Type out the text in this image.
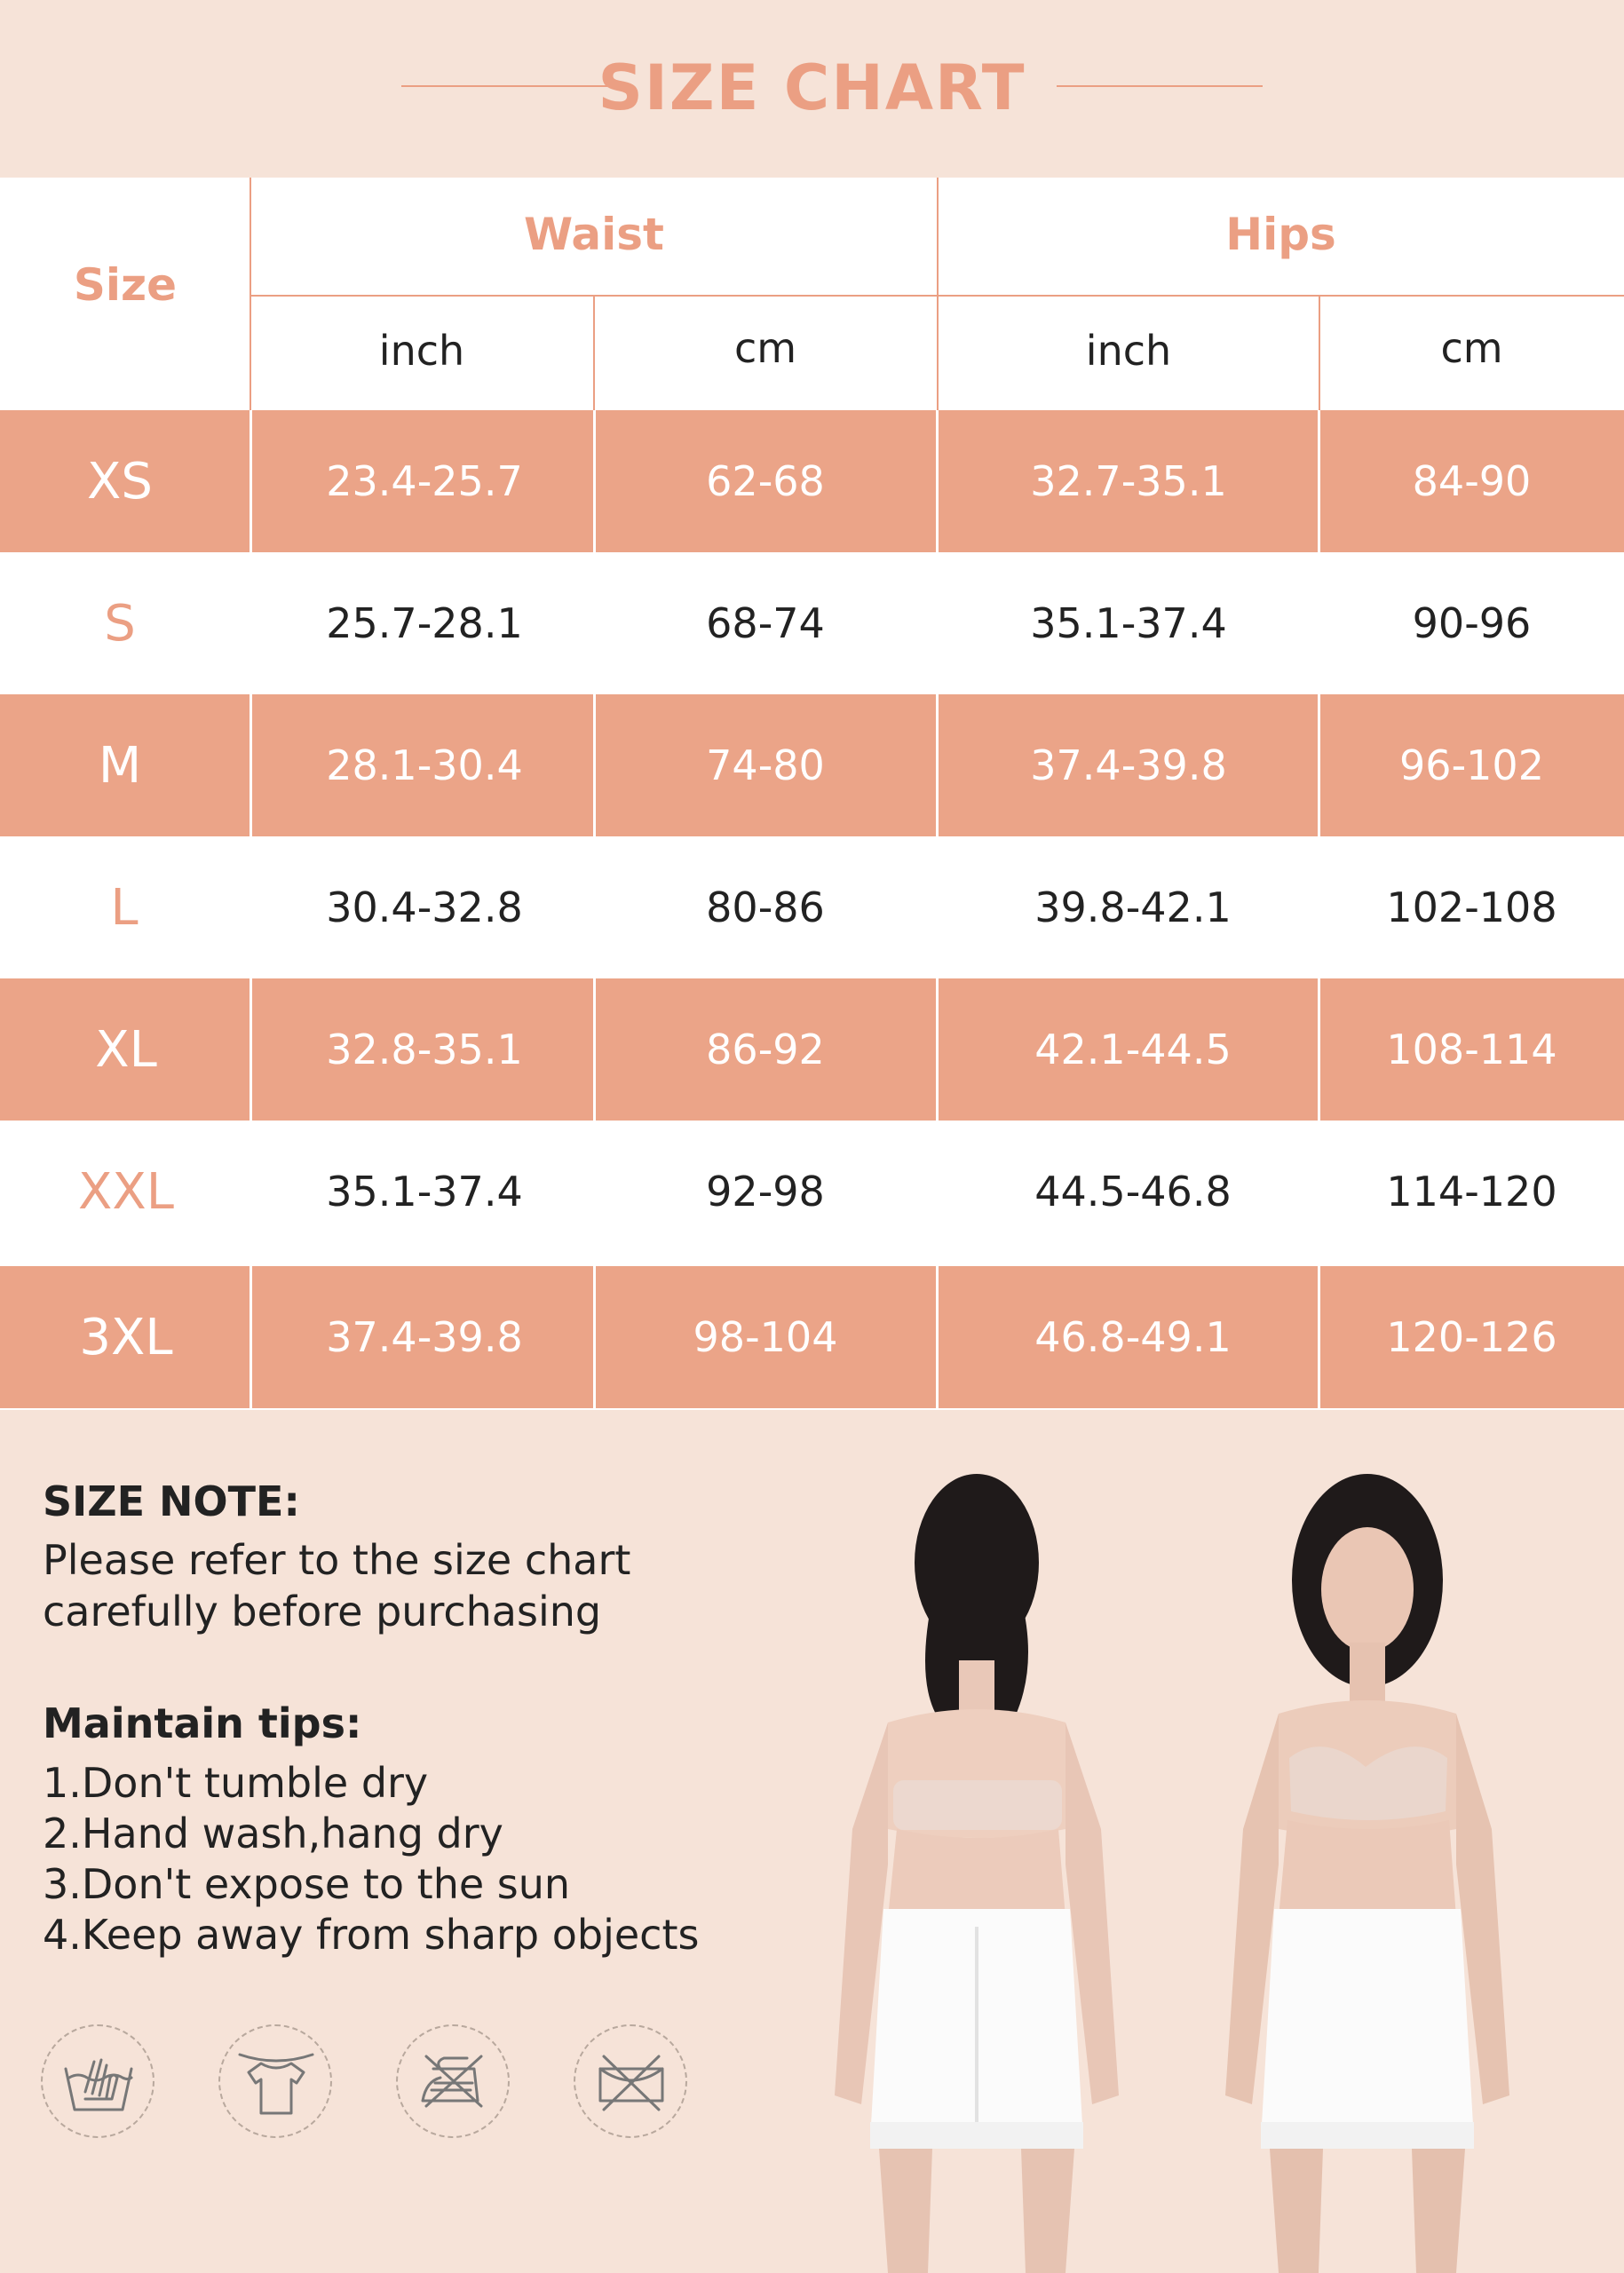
SIZE CHART
Size
Waist	Hips
inch	cm	inch	cm
XS	23.4-25.7	62-68	32.7-35.1	84-90
S	25.7-28.1	68-74	35.1-37.4	90-96
M	28.1-30.4	74-80	37.4-39.8	96-102
L	30.4-32.8	80-86	39.8-42.1	102-108
XL	32.8-35.1	86-92	42.1-44.5	108-114
XXL	35.1-37.4	92-98	44.5-46.8	114-120
3XL	37.4-39.8	98-104	46.8-49.1	120-126
SIZE NOTE:
Please refer to the size chart
carefully before purchasing
Maintain tips:
1.Don't tumble dry
2.Hand wash,hang dry
3.Don't expose to the sun
4.Keep away from sharp objects
